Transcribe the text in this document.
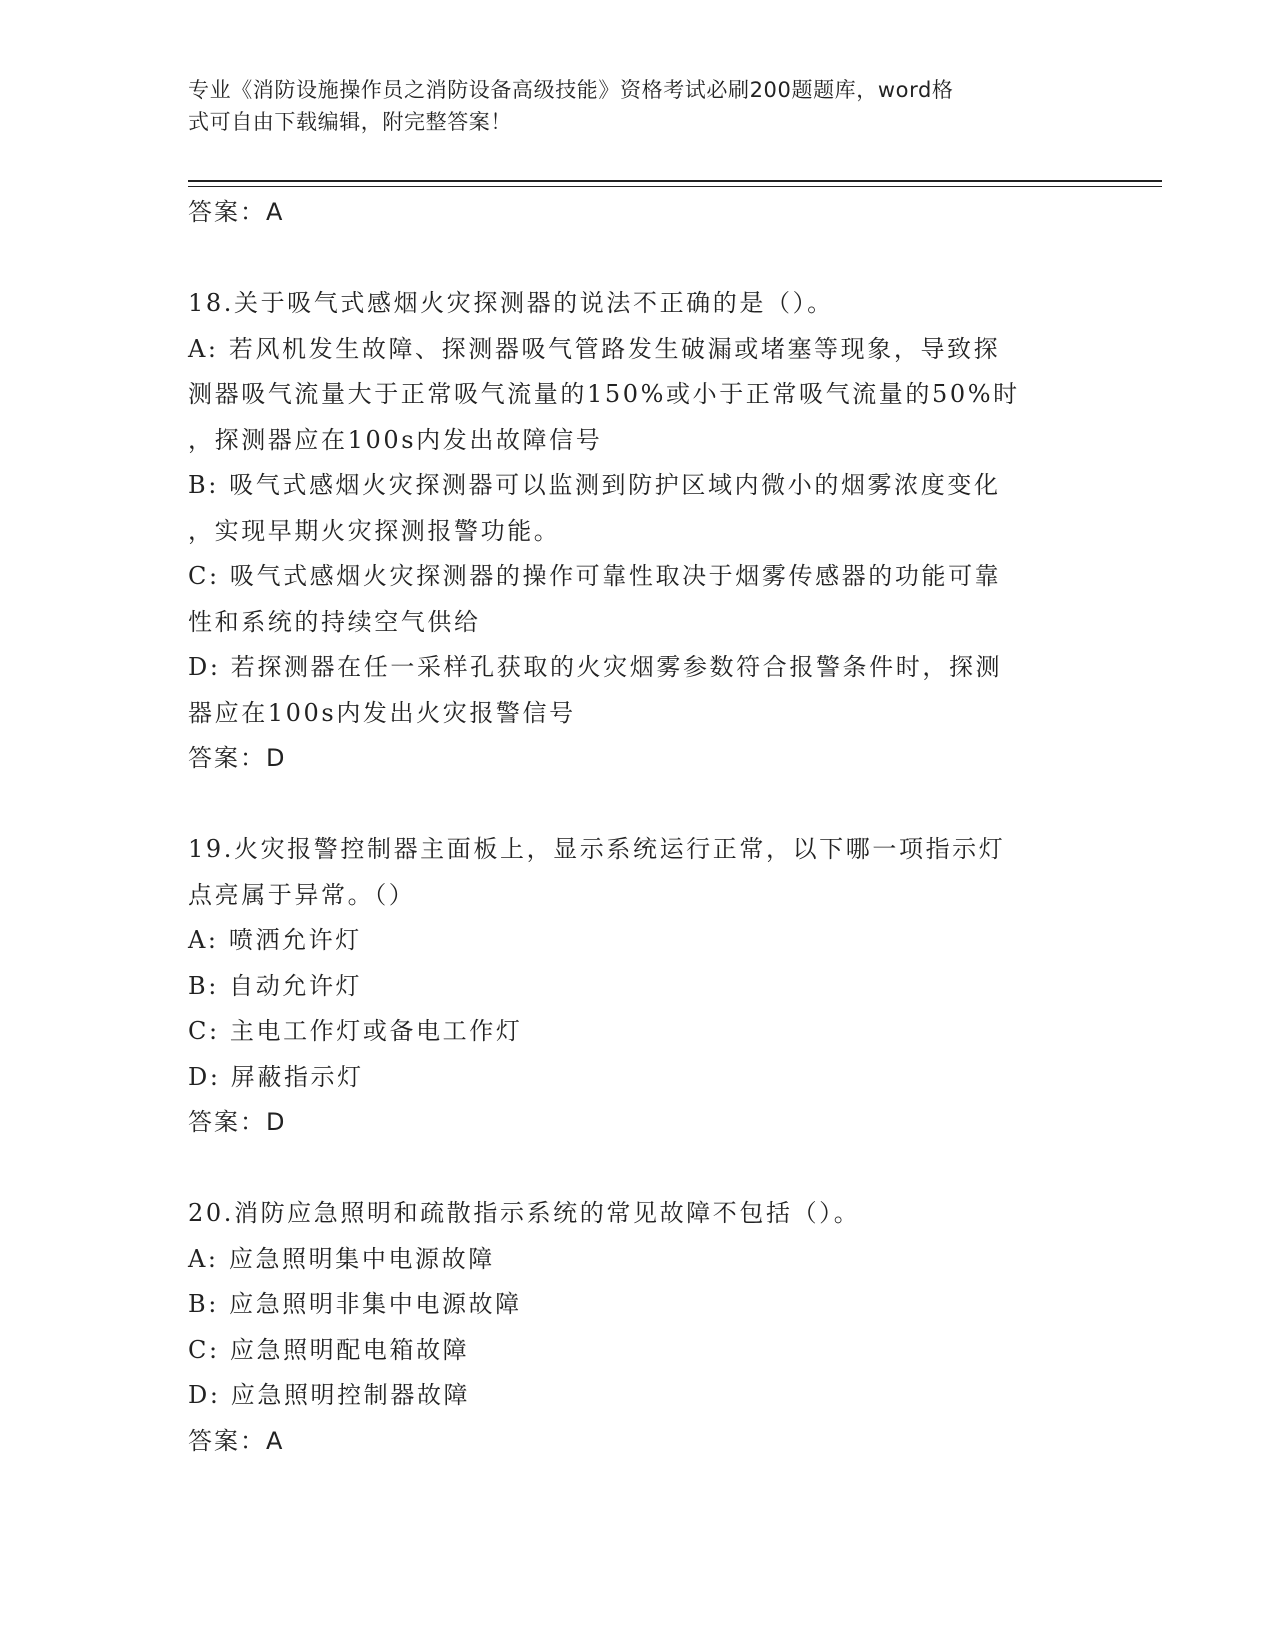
专业《消防设施操作员之消防设备高级技能》资格考试必刷200题题库，word格
式可自由下载编辑，附完整答案！
答案：A
18.关于吸气式感烟火灾探测器的说法不正确的是（）。
A: 若风机发生故障、探测器吸气管路发生破漏或堵塞等现象，导致探
测器吸气流量大于正常吸气流量的150%或小于正常吸气流量的50%时
，探测器应在100s内发出故障信号
B: 吸气式感烟火灾探测器可以监测到防护区域内微小的烟雾浓度变化
，实现早期火灾探测报警功能。
C: 吸气式感烟火灾探测器的操作可靠性取决于烟雾传感器的功能可靠
性和系统的持续空气供给
D: 若探测器在任一采样孔获取的火灾烟雾参数符合报警条件时，探测
器应在100s内发出火灾报警信号
答案：D
19.火灾报警控制器主面板上，显示系统运行正常，以下哪一项指示灯
点亮属于异常。（）
A: 喷洒允许灯
B: 自动允许灯
C: 主电工作灯或备电工作灯
D: 屏蔽指示灯
答案：D
20.消防应急照明和疏散指示系统的常见故障不包括（）。
A: 应急照明集中电源故障
B: 应急照明非集中电源故障
C: 应急照明配电箱故障
D: 应急照明控制器故障
答案：A
